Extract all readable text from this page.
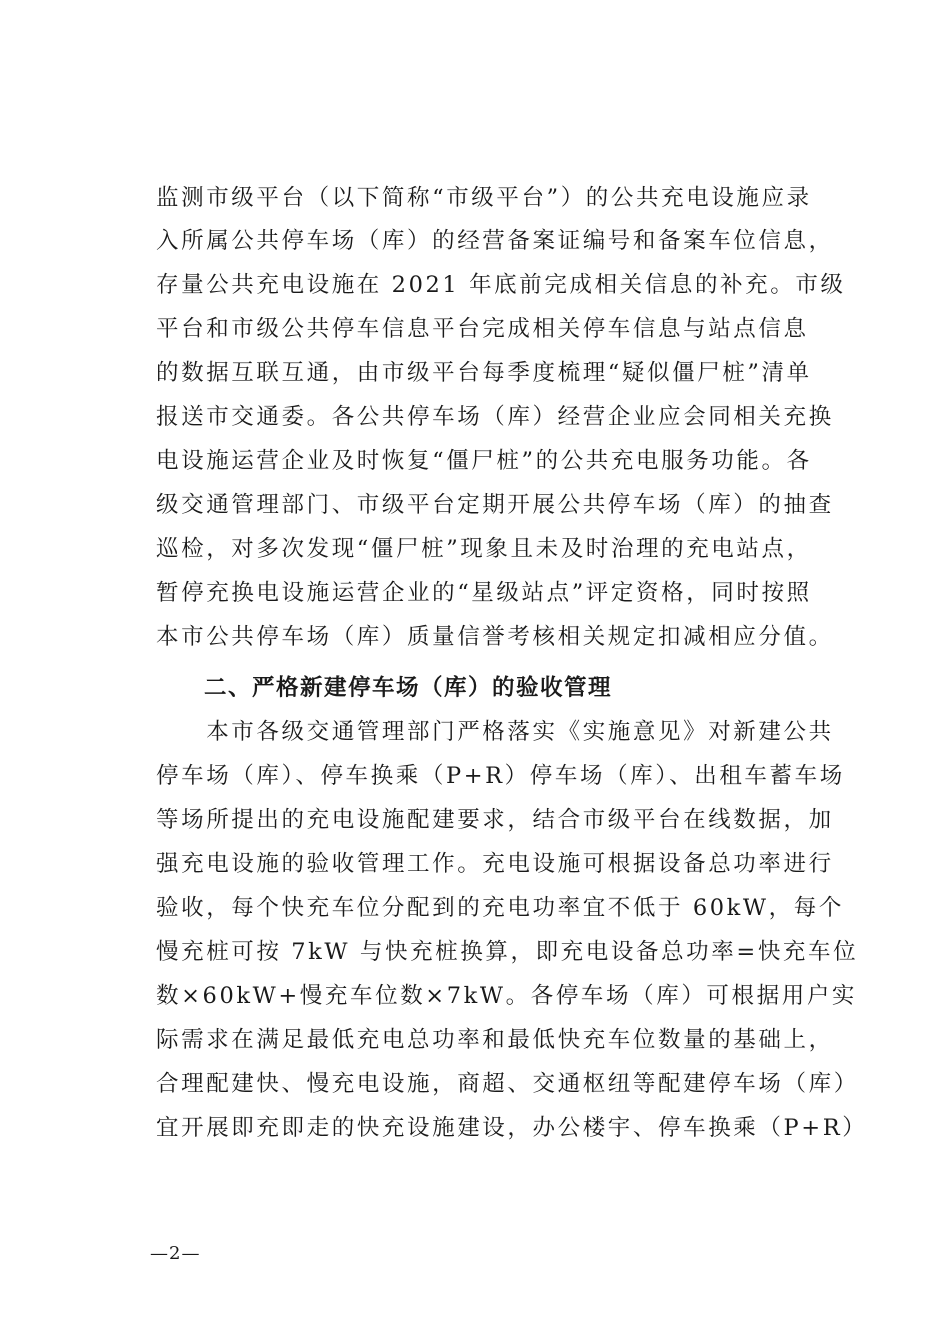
监测市级平台（以下简称“市级平台”）的公共充电设施应录
入所属公共停车场（库）的经营备案证编号和备案车位信息，
存量公共充电设施在 2021 年底前完成相关信息的补充。市级
平台和市级公共停车信息平台完成相关停车信息与站点信息
的数据互联互通，由市级平台每季度梳理“疑似僵尸桩”清单
报送市交通委。各公共停车场（库）经营企业应会同相关充换
电设施运营企业及时恢复“僵尸桩”的公共充电服务功能。各
级交通管理部门、市级平台定期开展公共停车场（库）的抽查
巡检，对多次发现“僵尸桩”现象且未及时治理的充电站点，
暂停充换电设施运营企业的“星级站点”评定资格，同时按照
本市公共停车场（库）质量信誉考核相关规定扣减相应分值。
　　二、严格新建停车场（库）的验收管理
　　本市各级交通管理部门严格落实《实施意见》对新建公共
停车场（库）、停车换乘（P+R）停车场（库）、出租车蓄车场
等场所提出的充电设施配建要求，结合市级平台在线数据，加
强充电设施的验收管理工作。充电设施可根据设备总功率进行
验收，每个快充车位分配到的充电功率宜不低于 60kW，每个
慢充桩可按 7kW 与快充桩换算，即充电设备总功率=快充车位
数×60kW+慢充车位数×7kW。各停车场（库）可根据用户实
际需求在满足最低充电总功率和最低快充车位数量的基础上，
合理配建快、慢充电设施，商超、交通枢纽等配建停车场（库）
宜开展即充即走的快充设施建设，办公楼宇、停车换乘（P+R）
—2—
